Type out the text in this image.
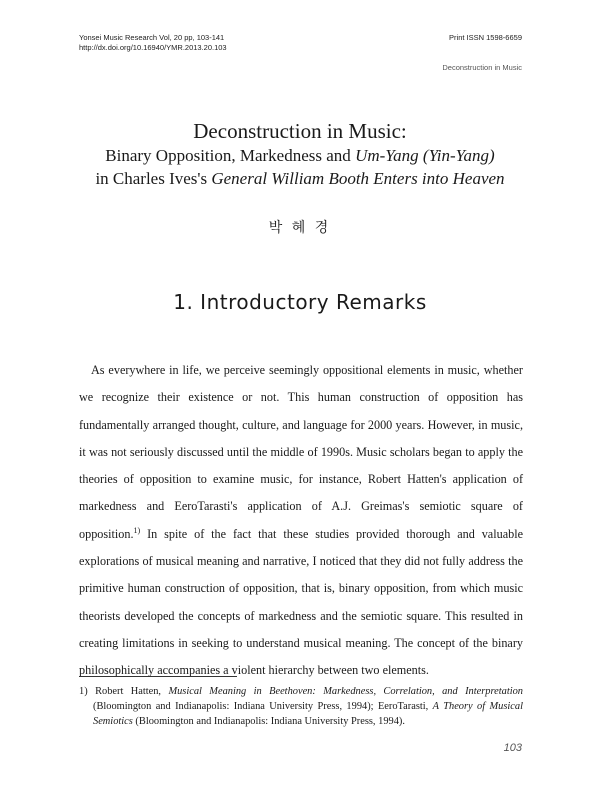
Yonsei Music Research Vol, 20 pp, 103-141
http://dx.doi.org/10.16940/YMR.2013.20.103
Print ISSN 1598-6659
Deconstruction in Music

Deconstruction in Music:

Binary Opposition, Markedness and Um-Yang (Yin-Yang)

in Charles Ives's General William Booth Enters into Heaven

박 혜 경
1. Introductory Remarks

As everywhere in life, we perceive seemingly oppositional elements in music, whether we recognize their existence or not. This human construction of opposition has fundamentally arranged thought, culture, and language for 2000 years. However, in music, it was not seriously discussed until the middle of 1990s. Music scholars began to apply the theories of opposition to examine music, for instance, Robert Hatten's application of markedness and EeroTarasti's application of A.J. Greimas's semiotic square of opposition.$^{1)}$ In spite of the fact that these studies provided thorough and valuable explorations of musical meaning and narrative, I noticed that they did not fully address the primitive human construction of opposition, that is, binary opposition, from which music theorists developed the concepts of markedness and the semiotic square. This resulted in creating limitations in seeking to understand musical meaning. The concept of the binary philosophically accompanies a violent hierarchy between two elements.

1) Robert Hatten, Musical Meaning in Beethoven: Markedness, Correlation, and Interpretation (Bloomington and Indianapolis: Indiana University Press, 1994); EeroTarasti, A Theory of Musical Semiotics (Bloomington and Indianapolis: Indiana University Press, 1994).

103
